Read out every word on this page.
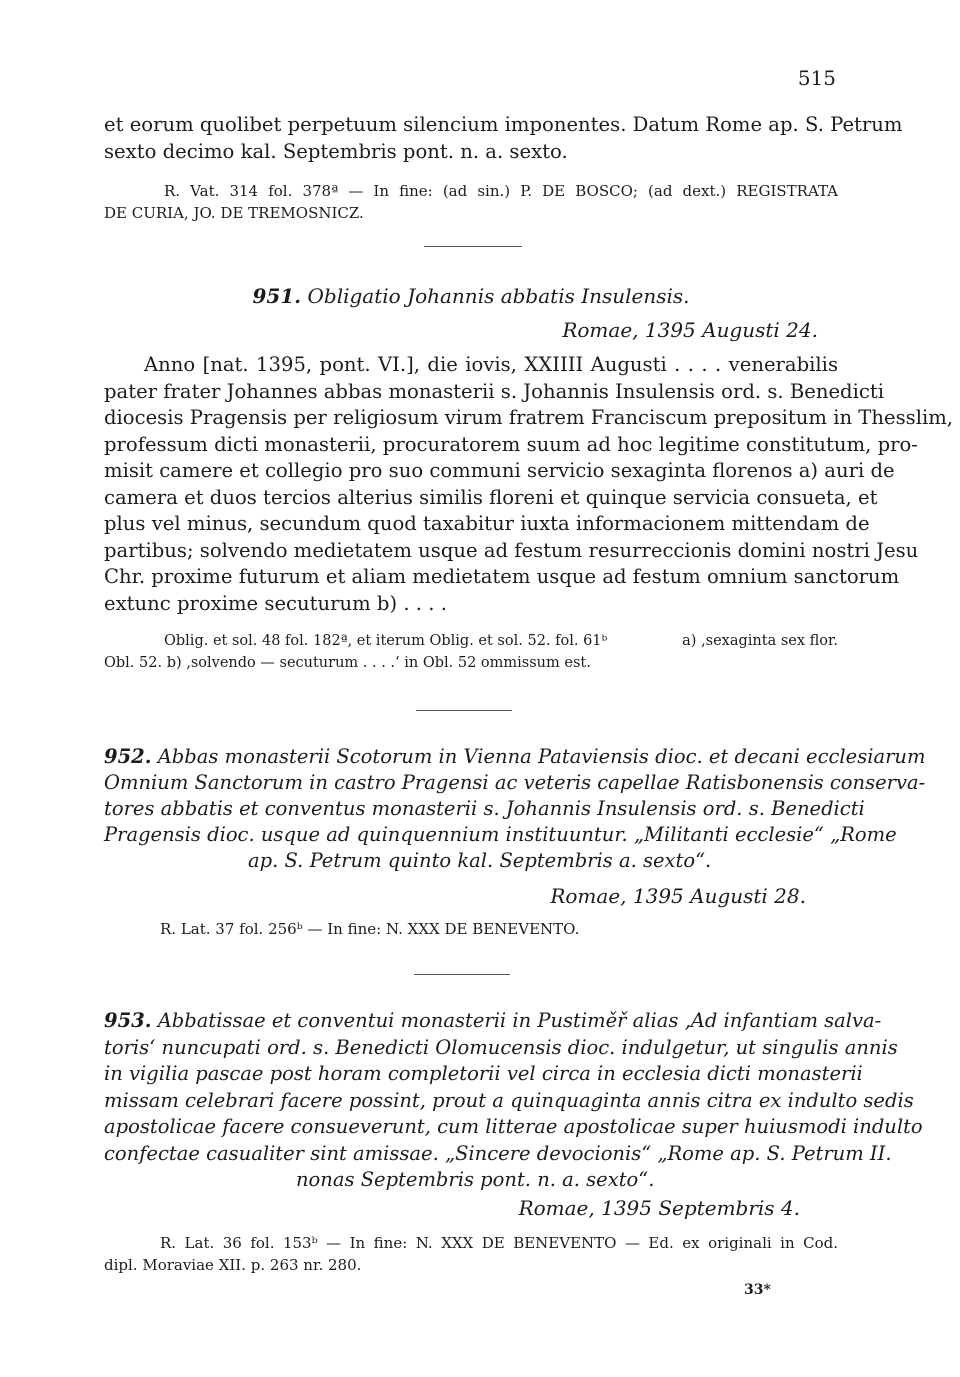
515
et eorum quolibet perpetuum silencium imponentes. Datum Rome ap. S. Petrum
sexto decimo kal. Septembris pont. n. a. sexto.
R. Vat. 314 fol. 378ª — In fine: (ad sin.) P. DE BOSCO; (ad dext.) REGISTRATA
DE CURIA, JO. DE TREMOSNICZ.
951. Obligatio Johannis abbatis Insulensis.
Romae, 1395 Augusti 24.
Anno [nat. 1395, pont. VI.], die iovis, XXIIII Augusti . . . . venerabilis
pater frater Johannes abbas monasterii s. Johannis Insulensis ord. s. Benedicti
diocesis Pragensis per religiosum virum fratrem Franciscum prepositum in Thesslim,
professum dicti monasterii, procuratorem suum ad hoc legitime constitutum, pro-
misit camere et collegio pro suo communi servicio sexaginta florenos a) auri de
camera et duos tercios alterius similis floreni et quinque servicia consueta, et
plus vel minus, secundum quod taxabitur iuxta informacionem mittendam de
partibus; solvendo medietatem usque ad festum resurreccionis domini nostri Jesu
Chr. proxime futurum et aliam medietatem usque ad festum omnium sanctorum
extunc proxime secuturum b) . . . .
Oblig. et sol. 48 fol. 182ª, et iterum Oblig. et sol. 52. fol. 61ᵇ	a) ‚sexaginta sex flor.
Obl. 52. b) ‚solvendo — secuturum . . . .‘ in Obl. 52 ommissum est.
952. Abbas monasterii Scotorum in Vienna Pataviensis dioc. et decani ecclesiarum
Omnium Sanctorum in castro Pragensi ac veteris capellae Ratisbonensis conserva-
tores abbatis et conventus monasterii s. Johannis Insulensis ord. s. Benedicti
Pragensis dioc. usque ad quinquennium instituuntur. „Militanti ecclesie“ „Rome
ap. S. Petrum quinto kal. Septembris a. sexto“.
Romae, 1395 Augusti 28.
R. Lat. 37 fol. 256ᵇ — In fine: N. XXX DE BENEVENTO.
953. Abbatissae et conventui monasterii in Pustiměř alias ‚Ad infantiam salva-
toris‘ nuncupati ord. s. Benedicti Olomucensis dioc. indulgetur, ut singulis annis
in vigilia pascae post horam completorii vel circa in ecclesia dicti monasterii
missam celebrari facere possint, prout a quinquaginta annis citra ex indulto sedis
apostolicae facere consueverunt, cum litterae apostolicae super huiusmodi indulto
confectae casualiter sint amissae. „Sincere devocionis“ „Rome ap. S. Petrum II.
nonas Septembris pont. n. a. sexto“.
Romae, 1395 Septembris 4.
R. Lat. 36 fol. 153ᵇ — In fine: N. XXX DE BENEVENTO — Ed. ex originali in Cod.
dipl. Moraviae XII. p. 263 nr. 280.
33*
